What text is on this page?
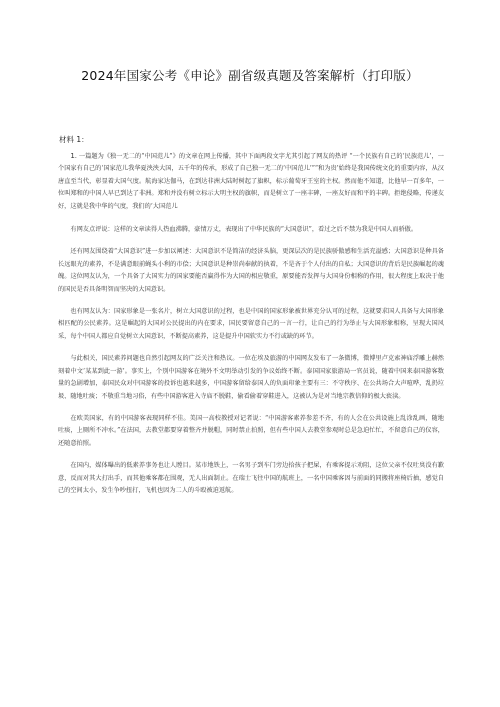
2024年国家公考《申论》副省级真题及答案解析（打印版）
材料 1：

1. 一篇题为《独一无二的“中国范儿”》的文章在网上传播，其中下面两段文字尤其引起了网友的热评 “一个民族有自己的‘民族范儿’，一个国家有自己的‘国家范儿我华夏泱泱大国，五千年的传承，形成了自己独一无二的‘中国范儿’”“和为贵’始终是我国传统文化的重要内容，从汉唐直至当代，彰显着大国气度。航海家达伽马，在到达非洲大陆时树起了旗帜，标示葡萄牙王室的主权。然而他不知道，比他早一百多年，一位叫郑和的中国人早已到达了非洲。郑和并没有树立标示大明主权的旗帜，而是树立了一座丰碑，一座友好而和平的丰碑。拒绝侵略，传递友好，这就是我中华的气度，我们的‘大国范儿

有网友点评说：这样的文章读得人热血沸腾，豪情万丈，表现出了中华民族的“大国意识”，看过之后不禁为我是中国人而骄傲。

还有网友围绕着“大国意识”进一步加以阐述：大国意识不是简洁的经济头脑，更深层次的是民族骄傲感和生活充溢感；大国意识是种具备长远眼光的素养，不是满意眼前蝇头小利的市侩；大国意识是种崇尚奉献的执着，不是吝于个人付出的自私；大国意识的背后是民族崛起的魂魄。这位网友认为，一个具备了大国实力的国家要能否赢得作为大国的相应敬重，原要能否发挥与大国身份相称的作用，很大程度上取决于他的国民是否具备明智而坚决的大国意识。

也有网友认为：国家形象是一张名片，树立大国意识的过程，也是中国的国家形象被世界充分认可的过程，这就要求国人具备与大国形象相匹配的公民素养。这是崛起的大国对公民提出的内在要求，国民要留意自己的一言一行，让自己的行为举止与大国形象相称，呈现大国风采，每个中国人都应自觉树立大国意识，不断提高素养，这是提升中国软实力不行或缺的环节。

与此相关，国民素养问题也自然引起网友的广泛关注和热议。一位在埃及旅游的中国网友发布了一条微博，微博里卢克索神庙浮雕上赫然刻着中文‘某某到此一游’。事实上，个别中国游客在境外不文明举动引发的争议始终不断。泰国国家旅游局一官员说，随着中国来泰国游客数量的急剧增加，泰国民众对中国游客的投诉也越来越多，中国游客留给泰国人的负面印象主要有三：不守秩序、在公共场合大声喧哗，乱扔垃圾、随地吐痰；不敬重当地习俗，有些中国游客进入寺庙不脱鞋，偷看偷着穿鞋进入，这被认为是对当地宗教信仰的极大亵渎。

在欧美国家，有的中国游客表现同样不佳。美国一高校教授对记者说：“中国游客素养参差不齐，有的人会在公共设施上乱涂乱画，随地吐痰，上厕所不冲水。”在法国，去教堂都要穿着整齐并脱帽，同时禁止拍照，但有些中国人去教堂参观时总是急迫忙忙，不留意自己的仪容，还随意拍照。

在国内，媒体曝出的低素养事务也让人瞠目。某市地铁上，一名男子到车门旁边拾孩子把屎，有乘客提示劝阻，这位父亲不仅吐臭没有歉意，反而对其大打出手，而其他乘客都在围观，无人出面制止。在瑞士飞往中国的航班上，一名中国乘客因与前面的同搬将座椅后抽，感觉自己的空间太小，发生争吵扭打，飞机也因为二人的斗殴被迫返航。
